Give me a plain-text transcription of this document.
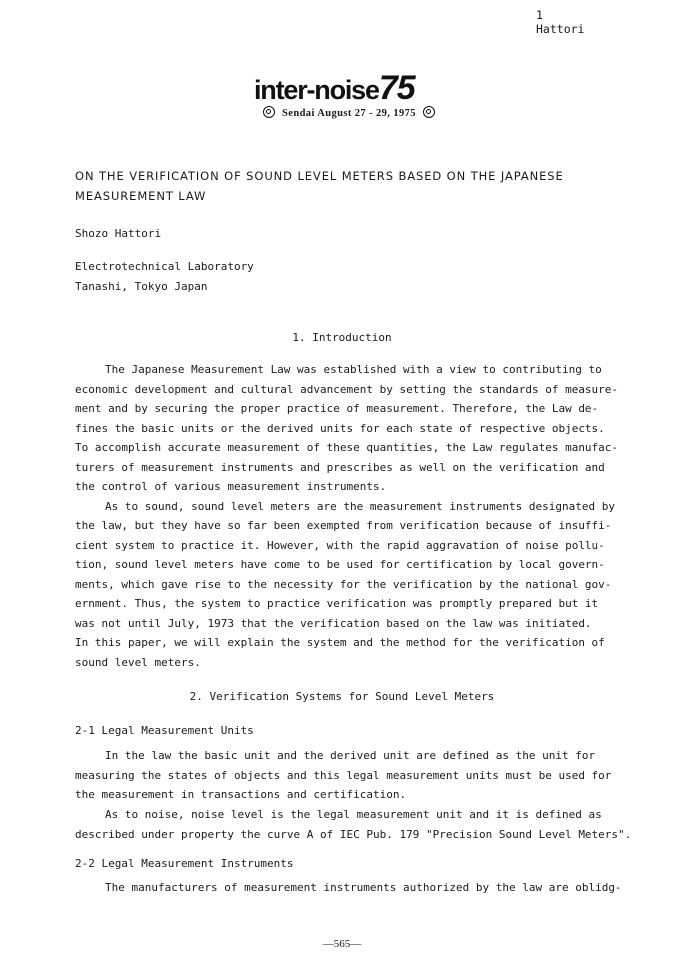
1
Hattori
inter-noise75
Sendai August 27 - 29, 1975
ON THE VERIFICATION OF SOUND LEVEL METERS BASED ON THE JAPANESE MEASUREMENT LAW
Shozo Hattori
Electrotechnical Laboratory
Tanashi, Tokyo Japan
1. Introduction
The Japanese Measurement Law was established with a view to contributing to
economic development and cultural advancement by setting the standards of measure-
ment and by securing the proper practice of measurement. Therefore, the Law de-
fines the basic units or the derived units for each state of respective objects.
To accomplish accurate measurement of these quantities, the Law regulates manufac-
turers of measurement instruments and prescribes as well on the verification and
the control of various measurement instruments.
As to sound, sound level meters are the measurement instruments designated by
the law, but they have so far been exempted from verification because of insuffi-
cient system to practice it. However, with the rapid aggravation of noise pollu-
tion, sound level meters have come to be used for certification by local govern-
ments, which gave rise to the necessity for the verification by the national gov-
ernment. Thus, the system to practice verification was promptly prepared but it
was not until July, 1973 that the verification based on the law was initiated.
In this paper, we will explain the system and the method for the verification of
sound level meters.
2. Verification Systems for Sound Level Meters
2-1 Legal Measurement Units
In the law the basic unit and the derived unit are defined as the unit for
measuring the states of objects and this legal measurement units must be used for
the measurement in transactions and certification.
As to noise, noise level is the legal measurement unit and it is defined as
described under property the curve A of IEC Pub. 179 "Precision Sound Level Meters".
2-2 Legal Measurement Instruments
The manufacturers of measurement instruments authorized by the law are oblidg-
—565—
